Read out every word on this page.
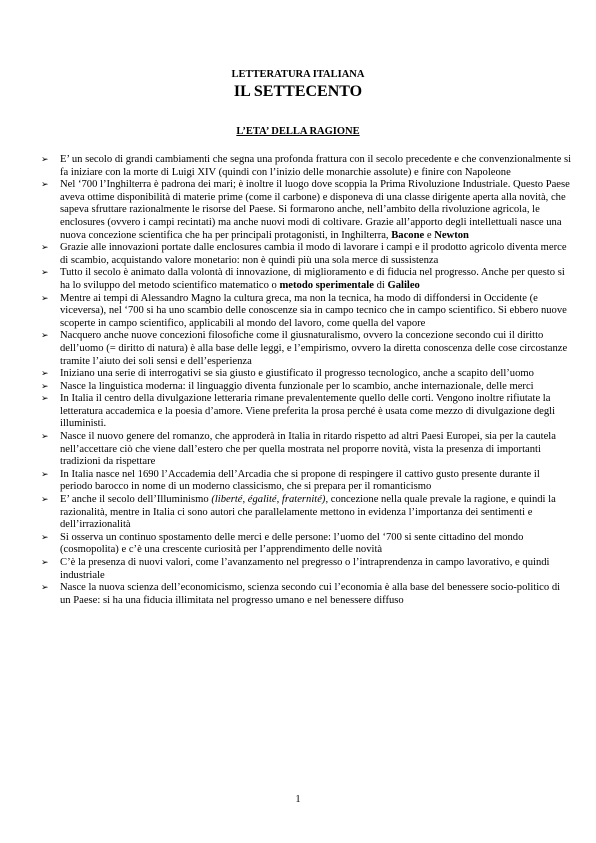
LETTERATURA ITALIANA
IL SETTECENTO
L’ETA’ DELLA RAGIONE
➢ E’ un secolo di grandi cambiamenti che segna una profonda frattura con il secolo precedente e che convenzionalmente si fa iniziare con la morte di Luigi XIV (quindi con l’inizio delle monarchie assolute) e finire con Napoleone
➢ Nel ‘700 l’Inghilterra è padrona dei mari; è inoltre il luogo dove scoppia la Prima Rivoluzione Industriale. Questo Paese aveva ottime disponibilità di materie prime (come il carbone) e disponeva di una classe dirigente aperta alla novità, che sapeva sfruttare razionalmente le risorse del Paese. Si formarono anche, nell’ambito della rivoluzione agricola, le enclosures (ovvero i campi recintati) ma anche nuovi modi di coltivare. Grazie all’apporto degli intellettuali nasce una nuova concezione scientifica che ha per principali protagonisti, in Inghilterra, Bacone e Newton
➢ Grazie alle innovazioni portate dalle enclosures cambia il modo di lavorare i campi e il prodotto agricolo diventa merce di scambio, acquistando valore monetario: non è quindi più una sola merce di sussistenza
➢ Tutto il secolo è animato dalla volontà di innovazione, di miglioramento e di fiducia nel progresso. Anche per questo si ha lo sviluppo del metodo scientifico matematico o metodo sperimentale di Galileo
➢ Mentre ai tempi di Alessandro Magno la cultura greca, ma non la tecnica, ha modo di diffondersi in Occidente (e viceversa), nel ‘700 si ha uno scambio delle conoscenze sia in campo tecnico che in campo scientifico. Si ebbero nuove scoperte in campo scientifico, applicabili al mondo del lavoro, come quella del vapore
➢ Nacquero anche nuove concezioni filosofiche come il giusnaturalismo, ovvero la concezione secondo cui il diritto dell’uomo (= diritto di natura) è alla base delle leggi, e l’empirismo, ovvero la diretta conoscenza delle cose circostanze tramite l’aiuto dei soli sensi e dell’esperienza
➢ Iniziano una serie di interrogativi se sia giusto e giustificato il progresso tecnologico, anche a scapito dell’uomo
➢ Nasce la linguistica moderna: il linguaggio diventa funzionale per lo scambio, anche internazionale, delle merci
➢ In Italia il centro della divulgazione letteraria rimane prevalentemente quello delle corti. Vengono inoltre rifiutate la letteratura accademica e la poesia d’amore. Viene preferita la prosa perché è usata come mezzo di divulgazione degli illuministi.
➢ Nasce il nuovo genere del romanzo, che approderà in Italia in ritardo rispetto ad altri Paesi Europei, sia per la cautela nell’accettare ciò che viene dall’estero che per quella mostrata nel proporre novità, vista la presenza di importanti tradizioni da rispettare
➢ In Italia nasce nel 1690 l’Accademia dell’Arcadia che si propone di respingere il cattivo gusto presente durante il periodo barocco in nome di un moderno classicismo, che si prepara per il romanticismo
➢ E’ anche il secolo dell’Illuminismo (liberté, égalité, fraternité), concezione nella quale prevale la ragione, e quindi la razionalità, mentre in Italia ci sono autori che parallelamente mettono in evidenza l’importanza dei sentimenti e dell’irrazionalità
➢ Si osserva un continuo spostamento delle merci e delle persone: l’uomo del ‘700 si sente cittadino del mondo (cosmopolita) e c’è una crescente curiosità per l’apprendimento delle novità
➢ C’è la presenza di nuovi valori, come l’avanzamento nel pregresso o l’intraprendenza in campo lavorativo, e quindi industriale
➢ Nasce la nuova scienza dell’economicismo, scienza secondo cui l’economia è alla base del benessere socio-politico di un Paese: si ha una fiducia illimitata nel progresso umano e nel benessere diffuso
1
